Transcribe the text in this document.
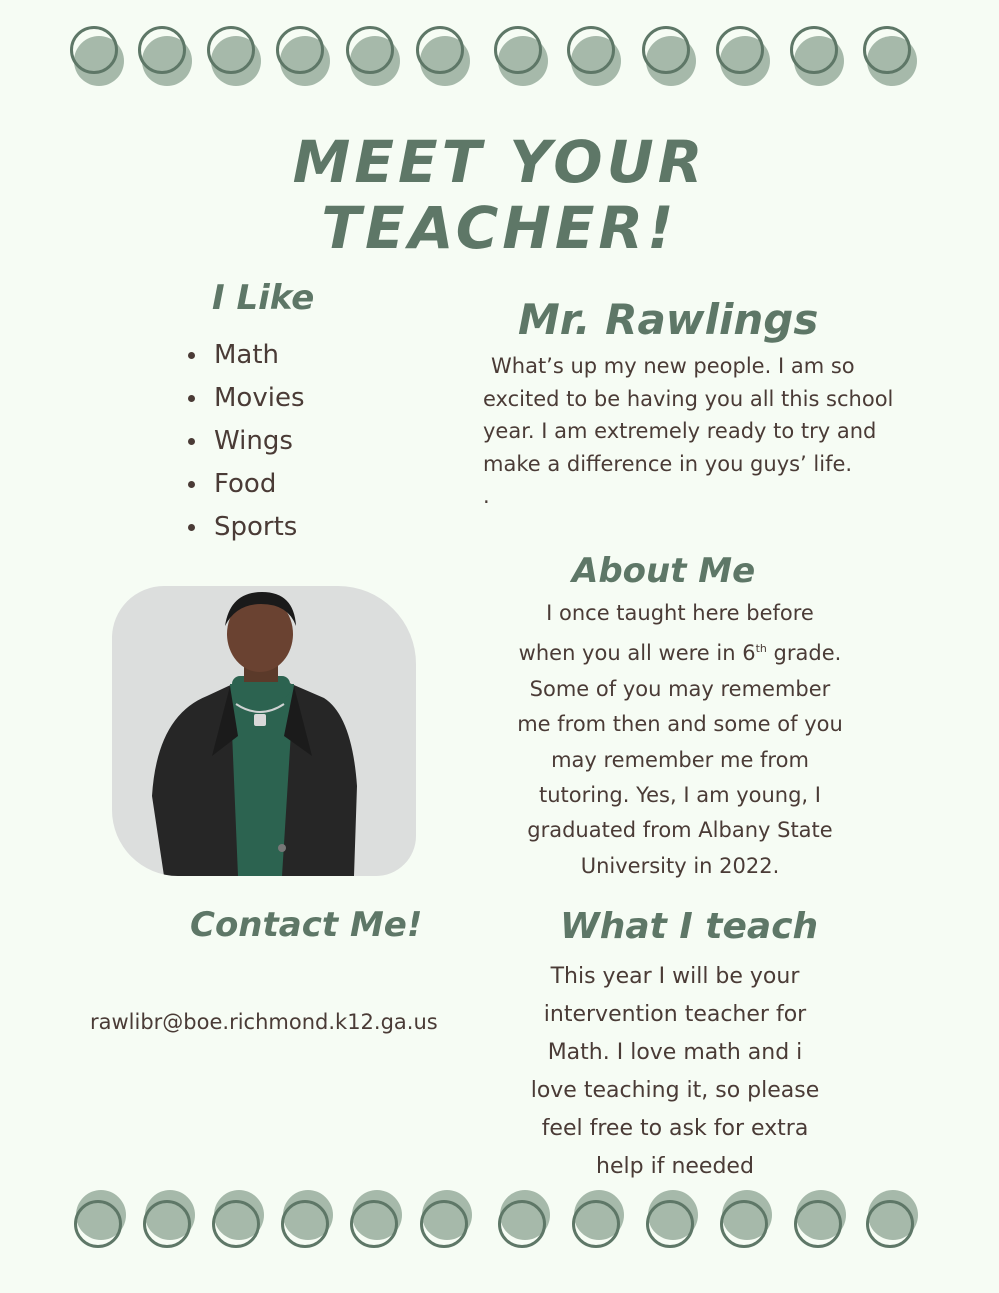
MEET YOUR
TEACHER!
I Like
Math
Movies
Wings
Food
Sports
Mr. Rawlings
What’s up my new people. I am so excited to be having you all this school year. I am extremely ready to try and make a difference in you guys’ life.
.
About Me
I once taught here before
when you all were in 6th grade.
Some of you may remember
me from then and some of you
may remember me from
tutoring. Yes, I am young, I
graduated from Albany State
University in 2022.
Contact Me!
rawlibr@boe.richmond.k12.ga.us
What I teach
This year I will be your
intervention teacher for
Math. I love math and i
love teaching it, so please
feel free to ask for extra
help if needed
